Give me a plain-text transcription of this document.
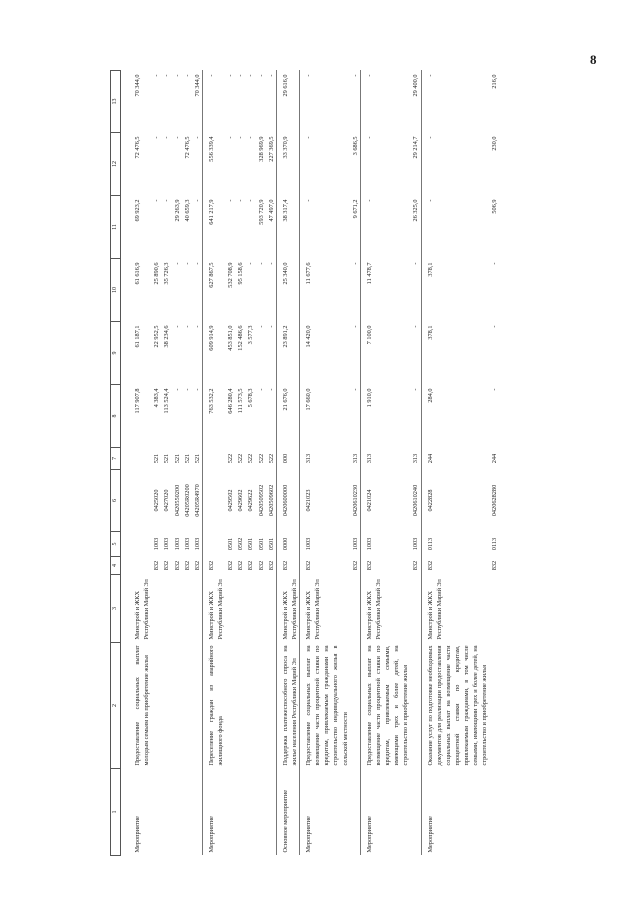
8
1	2	3	4	5	6	7	8	9	10	11	12	13
Мероприятие	Предоставление социальных выплат молодым семьям на приобретение жилья	Минстрой и ЖКХ Республики Марий Эл					117 907,8	61 187,1	61 616,9	69 923,2	72 476,5	70 344,0
			832	1003	0425020	521	4 383,4	22 952,5	25 890,6	-	-	-
			832	1003	0427020	521	113 524,4	38 234,6	35 726,3	-	-	-
			832	1003	0420550200	521	-	-	-	29 263,9	-	-
			832	1003	04205R0200	521	-	-	-	40 659,3	72 476,5	-
			832	1003	04205R4970	521	-	-	-	-	-	70 344,0
Мероприятие	Переселение граждан из аварийного жилищного фонда	Минстрой и ЖКХ Республики Марий Эл	832				763 532,2	609 914,9	627 867,5	641 217,9	556 339,4	-
			832	0501	0429502	522	646 280,4	453 851,0	532 708,9	-	-	-
			832	0502	0429602	522	111 573,5	152 486,6	95 158,6	-	-	-
			832	0501	0429622	522	5 678,3	3 577,3	-	-	-	-
			832	0501	0420509502	522	-	-	-	593 720,9	328 969,9	-
			832	0501	0420509602	522	-	-	-	47 497,0	227 369,5	-
Основное мероприятие	Поддержка платежеспособного спроса на жилье населения Республики Марий Эл	Минстрой и ЖКХ Республики Марий Эл	832	0000	0420600000	000	21 676,0	23 891,2	25 340,0	38 317,4	33 370,9	29 616,0
Мероприятие	Предоставление социальных выплат на возмещение части процентной ставки по кредитам, привлекаемым гражданами на строительство индивидуального жилья в сельской местности	Минстрой и ЖКХ Республики Марий Эл	832	1003	0421023	313	17 660,0	14 420,0	11 677,6	-	-	-
			832	1003	0420610230	313	-	-	-	9 671,2	3 686,5	-
Мероприятие	Предоставление социальных выплат на возмещение части процентной ставки по кредитам, привлекаемым семьями, имеющими трех и более детей, на строительство и приобретение жилья	Минстрой и ЖКХ Республики Марий Эл	832	1003	0421024	313	1 910,0	7 100,0	11 478,7	-	-	-
			832	1003	0420610240	313	-	-	-	26 325,0	29 214,7	29 400,0
Мероприятие	Оказание услуг по подготовке необходимых документов для реализации предоставления социальных выплат на возмещение части процентной ставки по кредитам, привлекаемым гражданами, в том числе семьями, имеющими трех и более детей, на строительство и приобретение жилья	Минстрой и ЖКХ Республики Марий Эл	832	0113	0422828	244	284,0	378,1	378,1	-	-	-
			832	0113	0420628280	244	-	-	-	506,9	230,0	216,0
